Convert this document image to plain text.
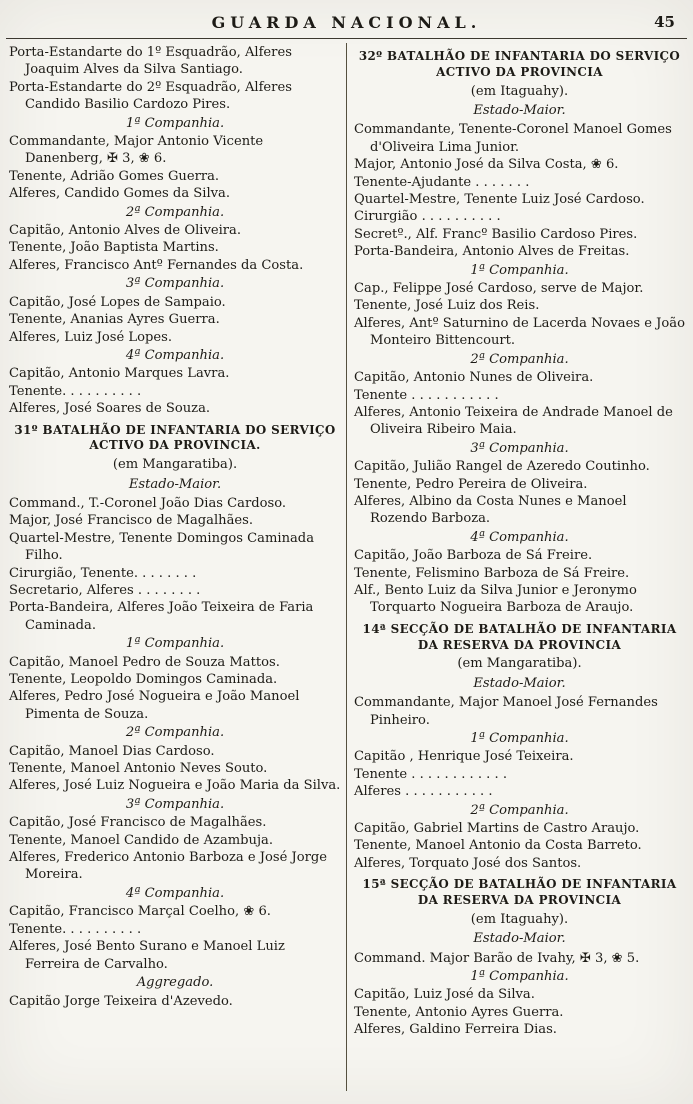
GUARDA NACIONAL.	45
Porta-Estandarte do 1º Esquadrão, Alferes Joaquim Alves da Silva Santiago.
Porta-Estandarte do 2º Esquadrão, Alferes Candido Basilio Cardozo Pires.
1ª Companhia.
Commandante, Major Antonio Vicente Danenberg, ✠ 3, ❀ 6.
Tenente, Adrião Gomes Guerra.
Alferes, Candido Gomes da Silva.
2ª Companhia.
Capitão, Antonio Alves de Oliveira.
Tenente, João Baptista Martins.
Alferes, Francisco Antº Fernandes da Costa.
3ª Companhia.
Capitão, José Lopes de Sampaio.
Tenente, Ananias Ayres Guerra.
Alferes, Luiz José Lopes.
4ª Companhia.
Capitão, Antonio Marques Lavra.
Tenente. . . . . . . . . .
Alferes, José Soares de Souza.
31º BATALHÃO DE INFANTARIA DO SERVIÇO ACTIVO DA PROVINCIA.
(em Mangaratiba).
Estado-Maior.
Command., T.-Coronel João Dias Cardoso.
Major, José Francisco de Magalhães.
Quartel-Mestre, Tenente Domingos Caminada Filho.
Cirurgião, Tenente. . . . . . . .
Secretario, Alferes . . . . . . . .
Porta-Bandeira, Alferes João Teixeira de Faria Caminada.
1ª Companhia.
Capitão, Manoel Pedro de Souza Mattos.
Tenente, Leopoldo Domingos Caminada.
Alferes, Pedro José Nogueira e João Manoel Pimenta de Souza.
2ª Companhia.
Capitão, Manoel Dias Cardoso.
Tenente, Manoel Antonio Neves Souto.
Alferes, José Luiz Nogueira e João Maria da Silva.
3ª Companhia.
Capitão, José Francisco de Magalhães.
Tenente, Manoel Candido de Azambuja.
Alferes, Frederico Antonio Barboza e José Jorge Moreira.
4ª Companhia.
Capitão, Francisco Marçal Coelho, ❀ 6.
Tenente. . . . . . . . . .
Alferes, José Bento Surano e Manoel Luiz Ferreira de Carvalho.
Aggregado.
Capitão Jorge Teixeira d'Azevedo.
32º BATALHÃO DE INFANTARIA DO SERVIÇO ACTIVO DA PROVINCIA
(em Itaguahy).
Estado-Maior.
Commandante, Tenente-Coronel Manoel Gomes d'Oliveira Lima Junior.
Major, Antonio José da Silva Costa, ❀ 6.
Tenente-Ajudante . . . . . . .
Quartel-Mestre, Tenente Luiz José Cardoso.
Cirurgião . . . . . . . . . .
Secretº., Alf. Francº Basilio Cardoso Pires.
Porta-Bandeira, Antonio Alves de Freitas.
1ª Companhia.
Cap., Felippe José Cardoso, serve de Major.
Tenente, José Luiz dos Reis.
Alferes, Antº Saturnino de Lacerda Novaes e João Monteiro Bittencourt.
2ª Companhia.
Capitão, Antonio Nunes de Oliveira.
Tenente . . . . . . . . . . .
Alferes, Antonio Teixeira de Andrade Manoel de Oliveira Ribeiro Maia.
3ª Companhia.
Capitão, Julião Rangel de Azeredo Coutinho.
Tenente, Pedro Pereira de Oliveira.
Alferes, Albino da Costa Nunes e Manoel Rozendo Barboza.
4ª Companhia.
Capitão, João Barboza de Sá Freire.
Tenente, Felismino Barboza de Sá Freire.
Alf., Bento Luiz da Silva Junior e Jeronymo Torquarto Nogueira Barboza de Araujo.
14ª SECÇÃO DE BATALHÃO DE INFANTARIA DA RESERVA DA PROVINCIA
(em Mangaratiba).
Estado-Maior.
Commandante, Major Manoel José Fernandes Pinheiro.
1ª Companhia.
Capitão , Henrique José Teixeira.
Tenente . . . . . . . . . . . .
Alferes . . . . . . . . . . .
2ª Companhia.
Capitão, Gabriel Martins de Castro Araujo.
Tenente, Manoel Antonio da Costa Barreto.
Alferes, Torquato José dos Santos.
15ª SECÇÃO DE BATALHÃO DE INFANTARIA DA RESERVA DA PROVINCIA
(em Itaguahy).
Estado-Maior.
Command. Major Barão de Ivahy, ✠ 3, ❀ 5.
1ª Companhia.
Capitão, Luiz José da Silva.
Tenente, Antonio Ayres Guerra.
Alferes, Galdino Ferreira Dias.
